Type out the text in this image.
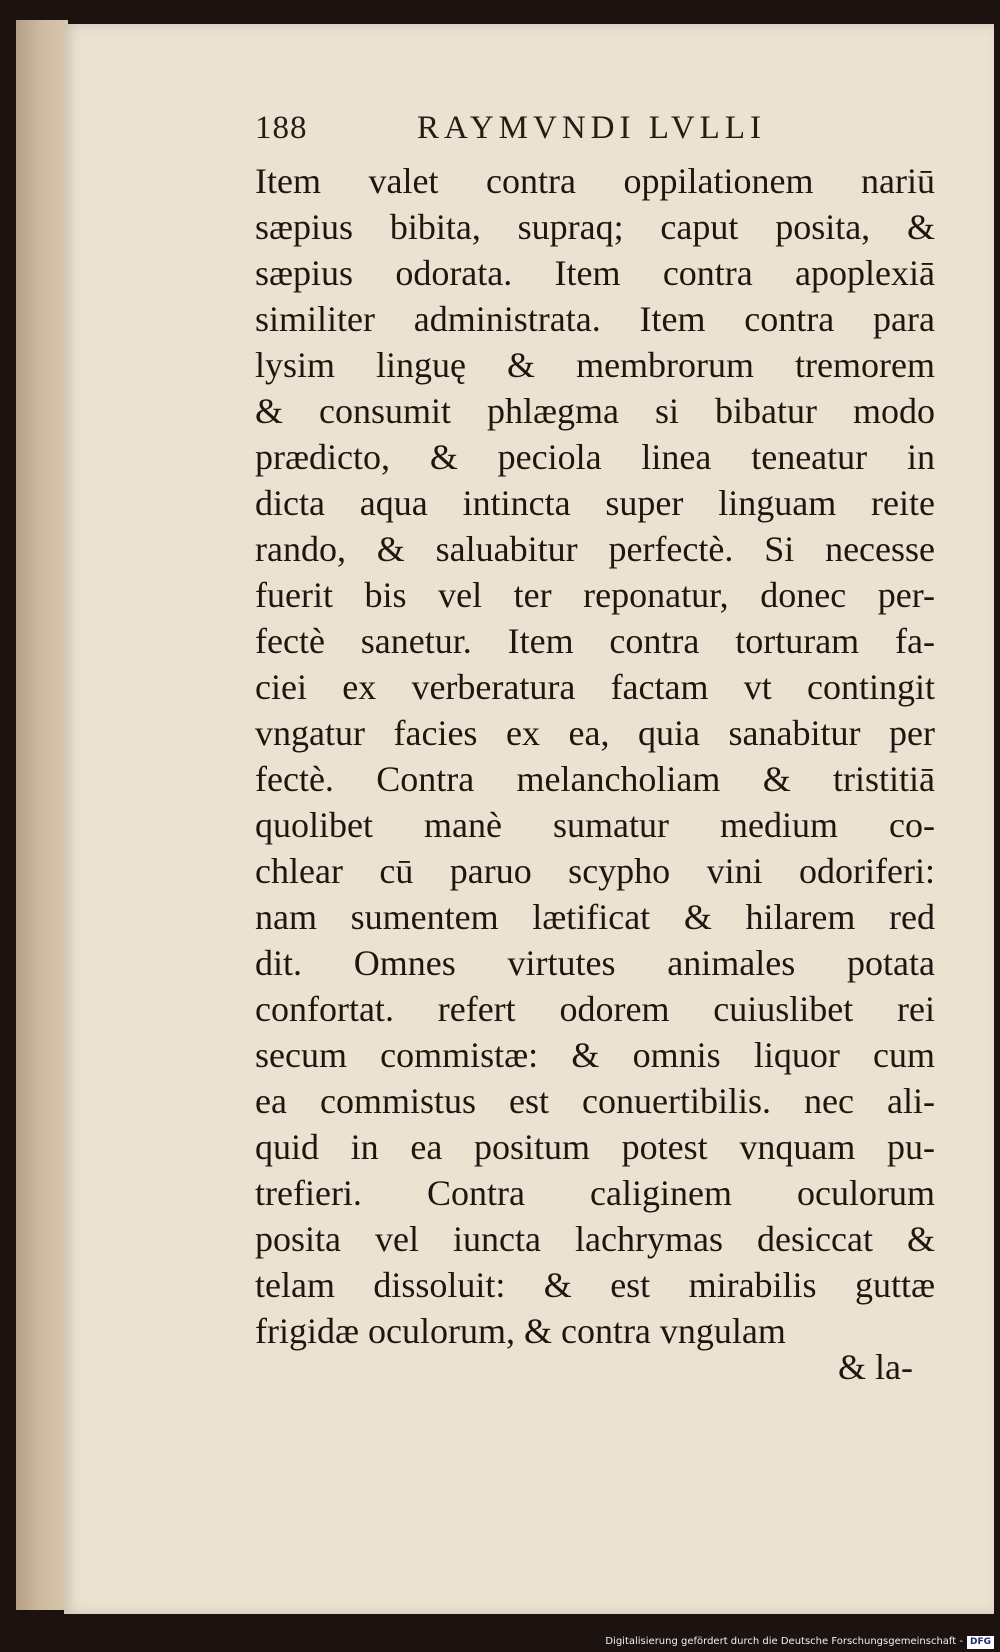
188	RAYMVNDI LVLLI
Item valet contra oppilationem nariū
sæpius bibita, supraq; caput posita, &
sæpius odorata. Item contra apoplexiā
similiter administrata. Item contra para
lysim linguę & membrorum tremorem
& consumit phlægma si bibatur modo
prædicto, & peciola linea teneatur in
dicta aqua intincta super linguam reite
rando, & saluabitur perfectè. Si necesse
fuerit bis vel ter reponatur, donec per-
fectè sanetur. Item contra torturam fa-
ciei ex verberatura factam vt contingit
vngatur facies ex ea, quia sanabitur per
fectè. Contra melancholiam & tristitiā
quolibet manè sumatur medium co-
chlear cū paruo scypho vini odoriferi:
nam sumentem lætificat & hilarem red
dit. Omnes virtutes animales potata
confortat. refert odorem cuiuslibet rei
secum commistæ: & omnis liquor cum
ea commistus est conuertibilis. nec ali-
quid in ea positum potest vnquam pu-
trefieri. Contra caliginem oculorum
posita vel iuncta lachrymas desiccat &
telam dissoluit: & est mirabilis guttæ
frigidæ oculorum, & contra vngulam
& la-
Digitalisierung gefördert durch die Deutsche Forschungsgemeinschaft - DFG
